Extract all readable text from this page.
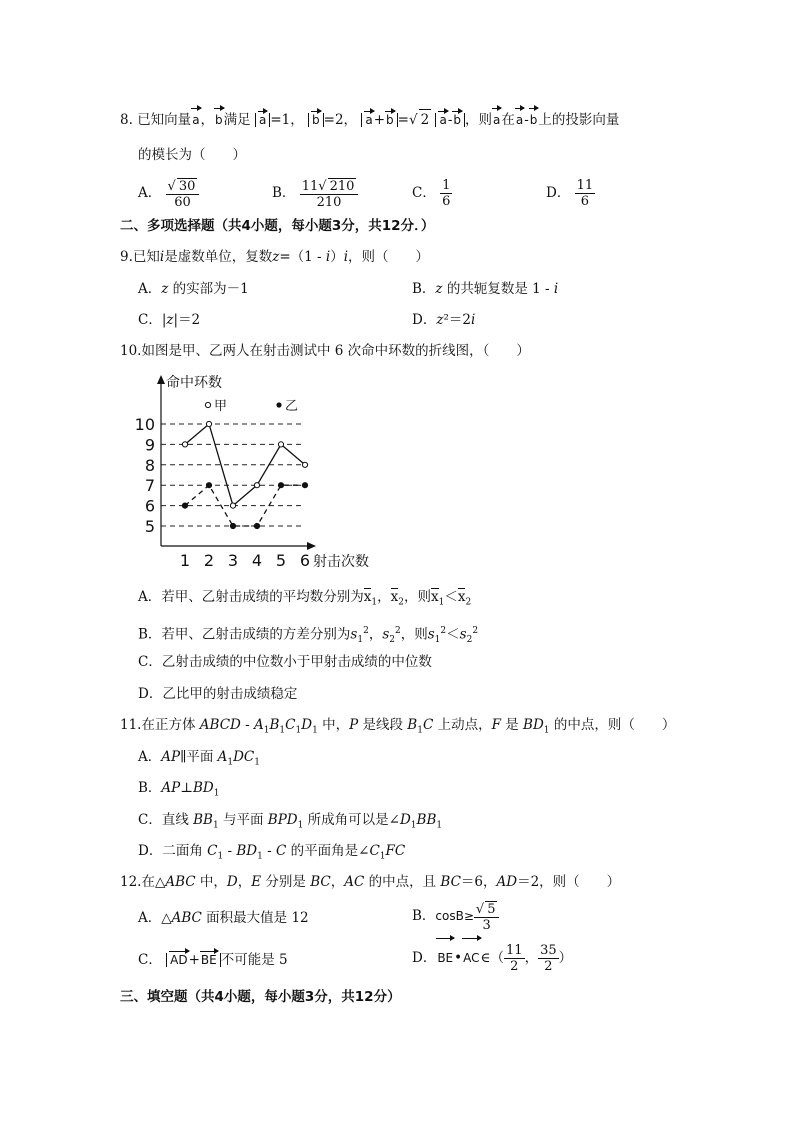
8. 已知向量a，b满足 a =1， b =2， a+b =√ 2 a-b ，则a在a-b上的投影向量
的模长为（　　）
A． $\frac{√ 30}{60}$	B． $\frac{11√ 210}{210}$	C． $\frac{1}{6}$	D． $\frac{11}{6}$
二、多项选择题（共4小题，每小题3分，共12分．）
9.已知i是虚数单位，复数z=（1 - i）i，则（　　）
A．z 的实部为－1	B．z 的共轭复数是 1 - i
C．|z|＝2	D．z²＝2i
10.如图是甲、乙两人在射击测试中 6 次命中环数的折线图，（　　）
命中环数
射击次数
5
6
7
8
9
10
1 2 3 4 5 6
甲	乙
A．若甲、乙射击成绩的平均数分别为$x_1$，$x_2$，则$x_1<x_2$
B．若甲、乙射击成绩的方差分别为$s_1^2$，$s_2^2$，则$s_1^2<s_2^2$
C．乙射击成绩的中位数小于甲射击成绩的中位数
D．乙比甲的射击成绩稳定
11.在正方体 ABCD - $A_1B_1C_1D_1$ 中，P 是线段 $B_1C$ 上动点，F 是 $BD_1$ 的中点，则（　　）
A．AP∥平面 $A_1DC_1$
B．$AP\perp BD_1$
C．直线 $BB_1$ 与平面 $BPD_1$ 所成角可以是$\angle D_1BB_1$
D．二面角 $C_1 - BD_1$ - C 的平面角是$\angle C_1FC$
12.在△ABC 中，D，E 分别是 BC，AC 的中点，且 BC＝6，AD＝2，则（　　）
A．△ABC 面积最大值是 12	B．$\cos B\ge \frac{√ 5}{3}$
C． AD+BE 不可能是 5	D．BE•AC∈（ $\frac{11}{2}$ ， $\frac{35}{2}$ ）
三、填空题（共4小题，每小题3分，共12分）
